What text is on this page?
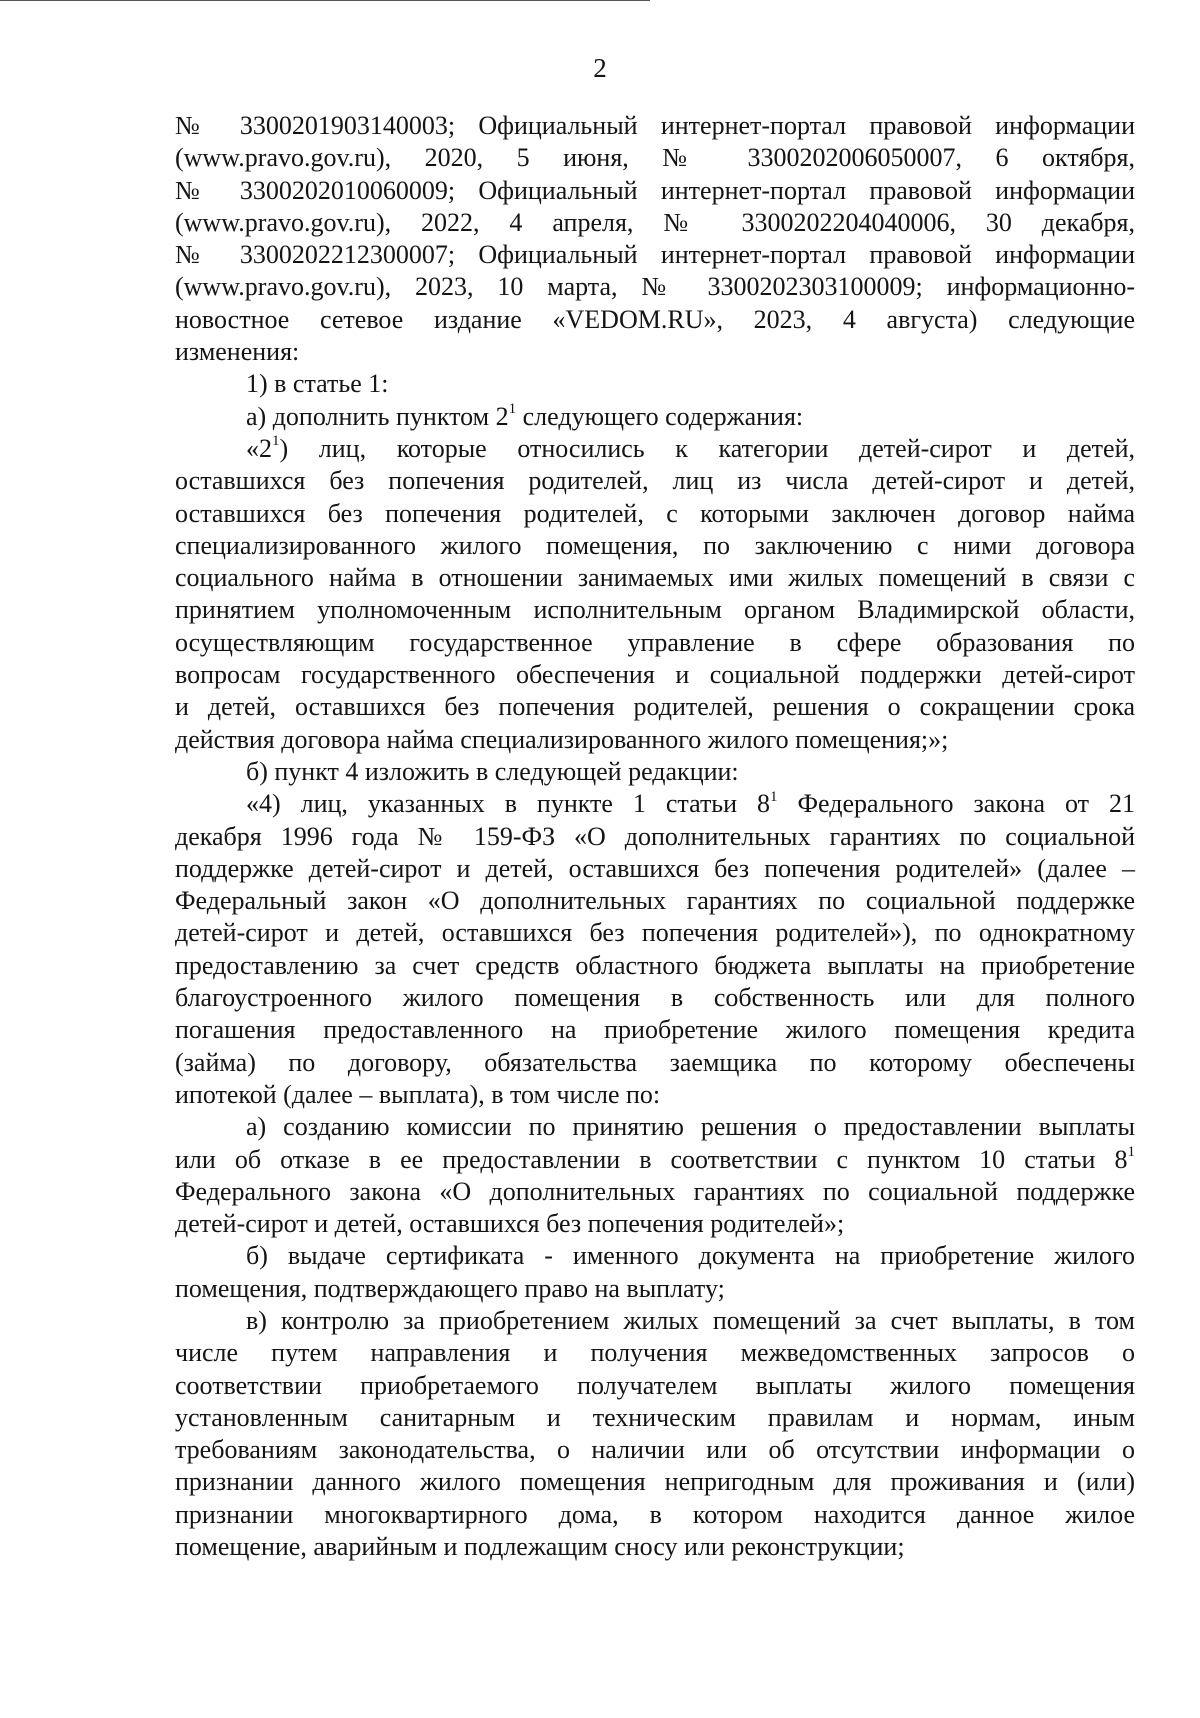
2
№ 3300201903140003; Официальный интернет-портал правовой информации
(www.pravo.gov.ru), 2020, 5 июня, № 3300202006050007, 6 октября,
№ 3300202010060009; Официальный интернет-портал правовой информации
(www.pravo.gov.ru), 2022, 4 апреля, № 3300202204040006, 30 декабря,
№ 3300202212300007; Официальный интернет-портал правовой информации
(www.pravo.gov.ru), 2023, 10 марта, № 3300202303100009; информационно-
новостное сетевое издание «VEDOM.RU», 2023, 4 августа) следующие
изменения:
1) в статье 1:
а) дополнить пунктом $2^1$ следующего содержания:
«$2^1$) лиц, которые относились к категории детей-сирот и детей,
оставшихся без попечения родителей, лиц из числа детей-сирот и детей,
оставшихся без попечения родителей, с которыми заключен договор найма
специализированного жилого помещения, по заключению с ними договора
социального найма в отношении занимаемых ими жилых помещений в связи с
принятием уполномоченным исполнительным органом Владимирской области,
осуществляющим государственное управление в сфере образования по
вопросам государственного обеспечения и социальной поддержки детей-сирот
и детей, оставшихся без попечения родителей, решения о сокращении срока
действия договора найма специализированного жилого помещения;»;
б) пункт 4 изложить в следующей редакции:
«4) лиц, указанных в пункте 1 статьи $8^1$ Федерального закона от 21
декабря 1996 года № 159-ФЗ «О дополнительных гарантиях по социальной
поддержке детей-сирот и детей, оставшихся без попечения родителей» (далее –
Федеральный закон «О дополнительных гарантиях по социальной поддержке
детей-сирот и детей, оставшихся без попечения родителей»), по однократному
предоставлению за счет средств областного бюджета выплаты на приобретение
благоустроенного жилого помещения в собственность или для полного
погашения предоставленного на приобретение жилого помещения кредита
(займа) по договору, обязательства заемщика по которому обеспечены
ипотекой (далее – выплата), в том числе по:
а) созданию комиссии по принятию решения о предоставлении выплаты
или об отказе в ее предоставлении в соответствии с пунктом 10 статьи $8^1$
Федерального закона «О дополнительных гарантиях по социальной поддержке
детей-сирот и детей, оставшихся без попечения родителей»;
б) выдаче сертификата - именного документа на приобретение жилого
помещения, подтверждающего право на выплату;
в) контролю за приобретением жилых помещений за счет выплаты, в том
числе путем направления и получения межведомственных запросов о
соответствии приобретаемого получателем выплаты жилого помещения
установленным санитарным и техническим правилам и нормам, иным
требованиям законодательства, о наличии или об отсутствии информации о
признании данного жилого помещения непригодным для проживания и (или)
признании многоквартирного дома, в котором находится данное жилое
помещение, аварийным и подлежащим сносу или реконструкции;
